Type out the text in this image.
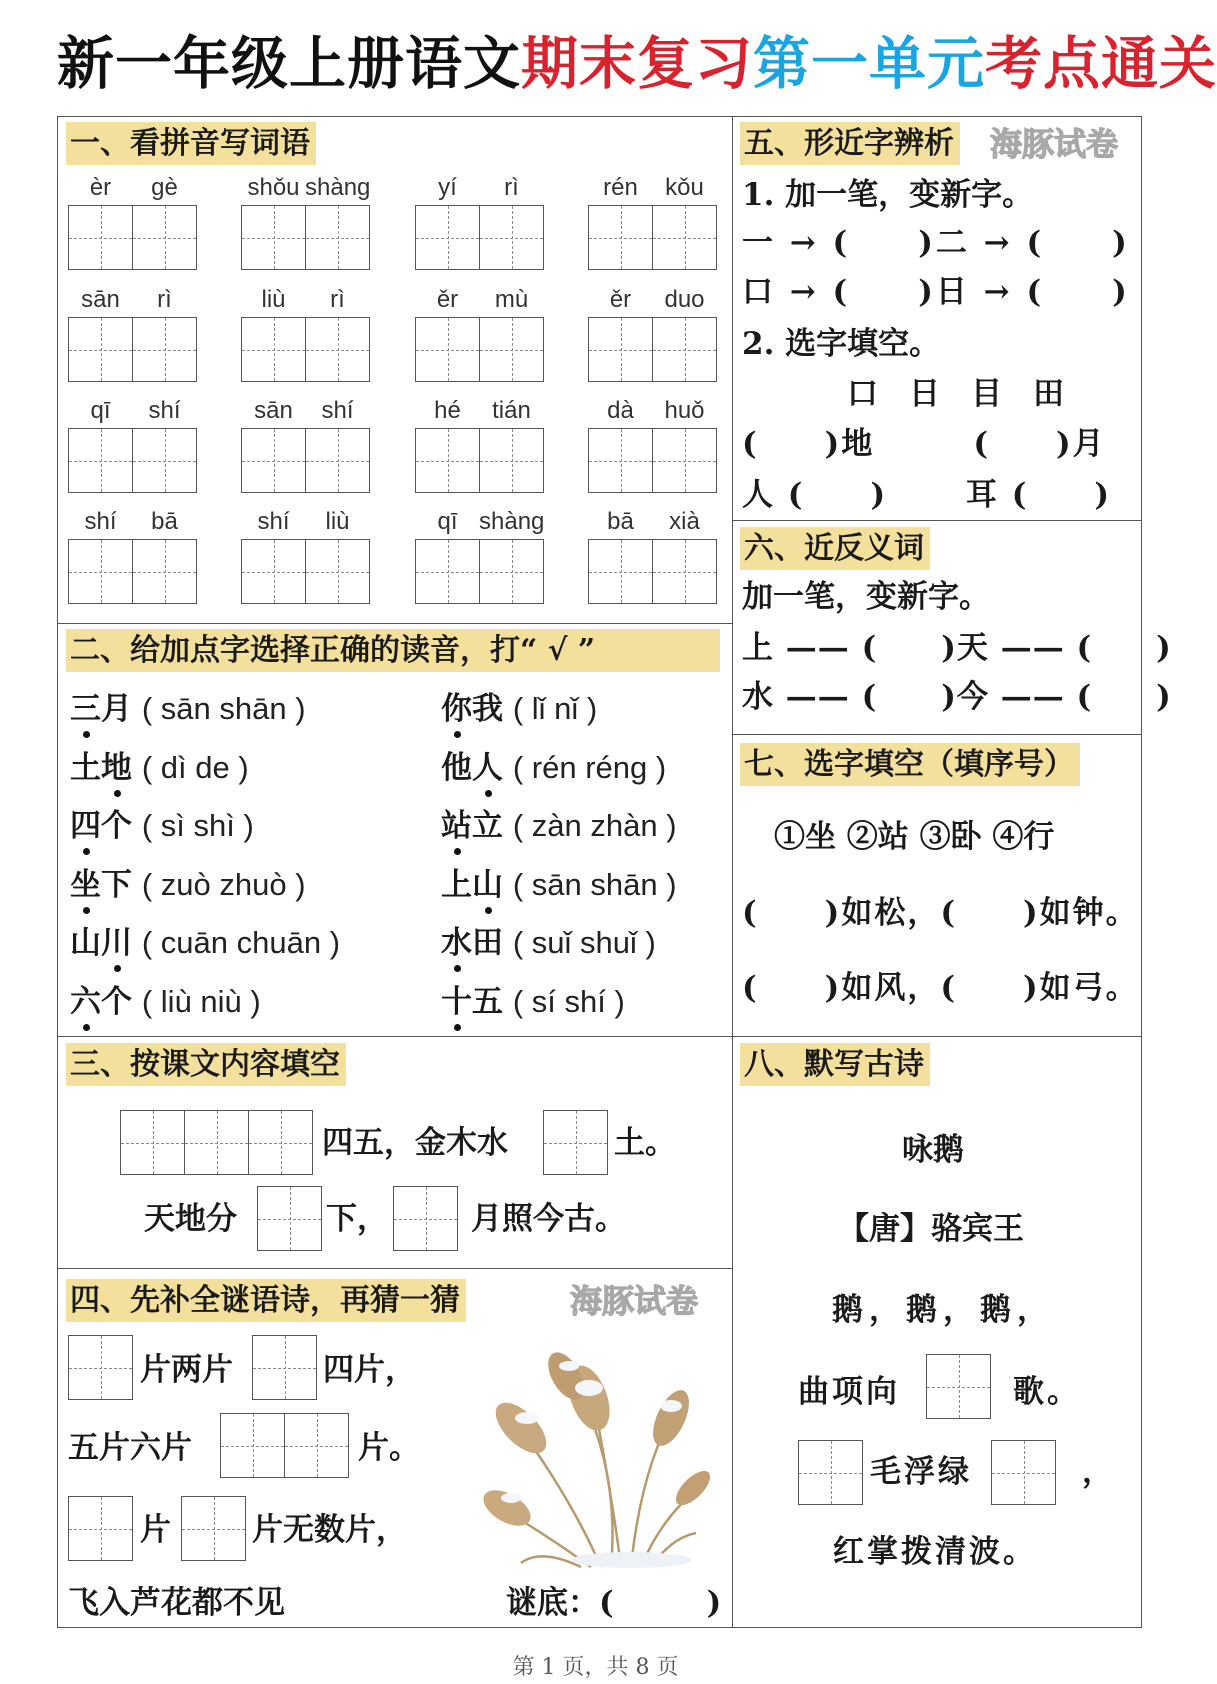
新一年级上册语文期末复习第一单元考点通关
一、看拼音写词语
èr	gè	shǒu shàng	yí	rì	rén	kǒu
sān	rì	liù	rì	ěr	mù	ěr	duo
qī	shí	sān	shí	hé	tián	dà	huǒ
shí	bā	shí	liù	qī shàng	bā	xià
二、给加点字选择正确的读音，打“ √ ”
三月 ( sān shān )	你我 ( lǐ nǐ )
土地 ( dì de )	他人 ( rén réng )
四个 ( sì shì )	站立 ( zàn zhàn )
坐下 ( zuò zhuò )	上山 ( sān shān )
山川 ( cuān chuān )	水田 ( suǐ shuǐ )
六个 ( liù niù )	十五 ( sí shí )
三、按课文内容填空
四五，金木水	土。
天地分	下，	月照今古。
四、先补全谜语诗，再猜一猜	海豚试卷
片两片	四片，
五片六片	片。
片	片无数片，
飞入芦花都不见	谜底：(　　　)
五、形近字辨析 海豚试卷
1. 加一笔，变新字。
一 → (　　)二 → (　　)
口 → (　　)日 → (　　)
2. 选字填空。
口　日　目　田
(　　)地　　　(　　)月
人 (　　)　　 耳 (　　)
六、近反义词
加一笔，变新字。
上 —— (　　)天 —— (　　)
水 —— (　　)今 —— (　　)
七、选字填空（填序号）
①坐 ②站 ③卧 ④行
(　　)如松，(　　)如钟。
(　　)如风，(　　)如弓。
八、默写古诗
咏鹅
【唐】骆宾王
鹅，鹅，鹅，
曲项向	歌。
毛浮绿	，
红掌拨清波。
第 1 页，共 8 页
